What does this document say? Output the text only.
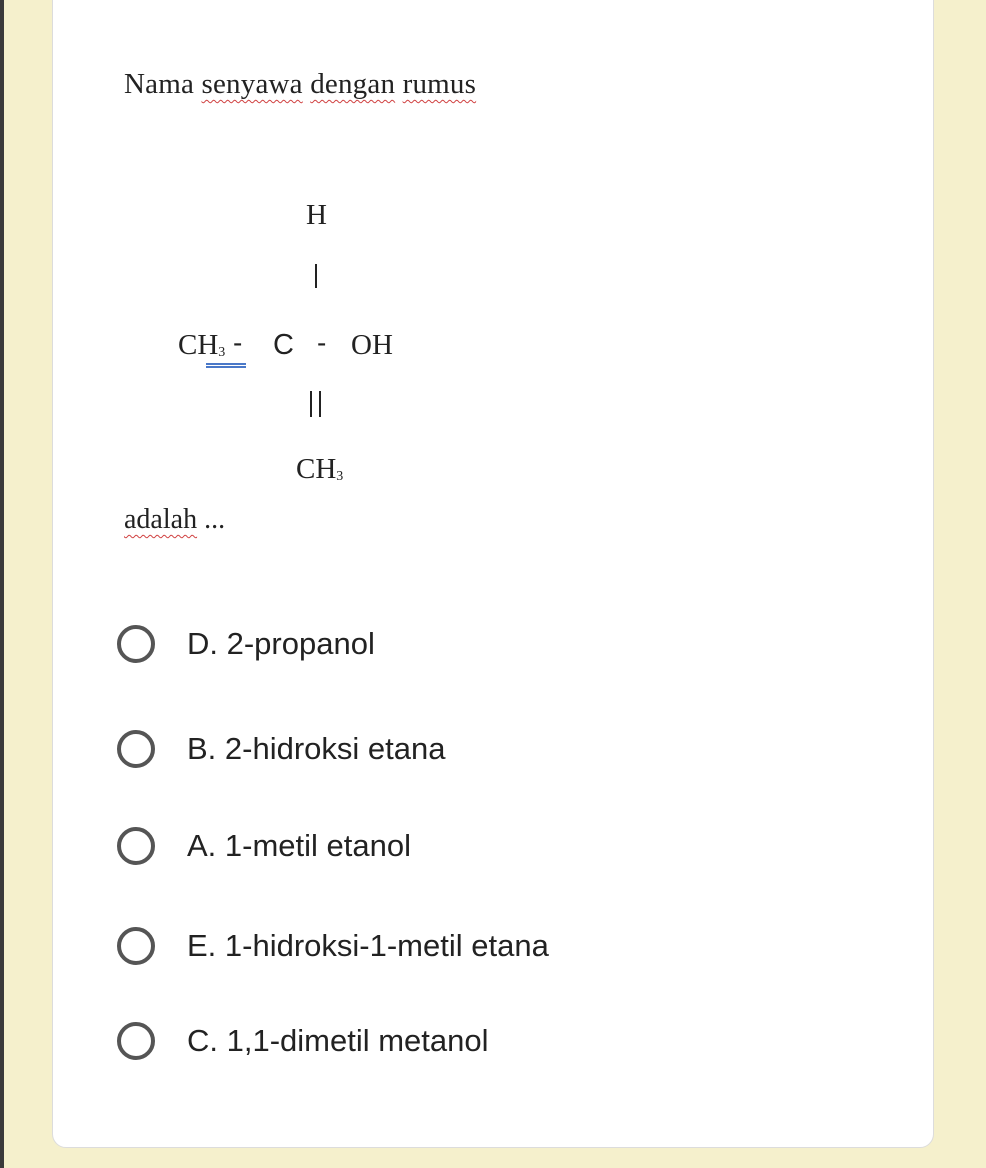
Nama senyawa dengan rumus
H
CH3 - C - OH
CH3
adalah ...
D. 2-propanol
B. 2-hidroksi etana
A. 1-metil etanol
E. 1-hidroksi-1-metil etana
C. 1,1-dimetil metanol
